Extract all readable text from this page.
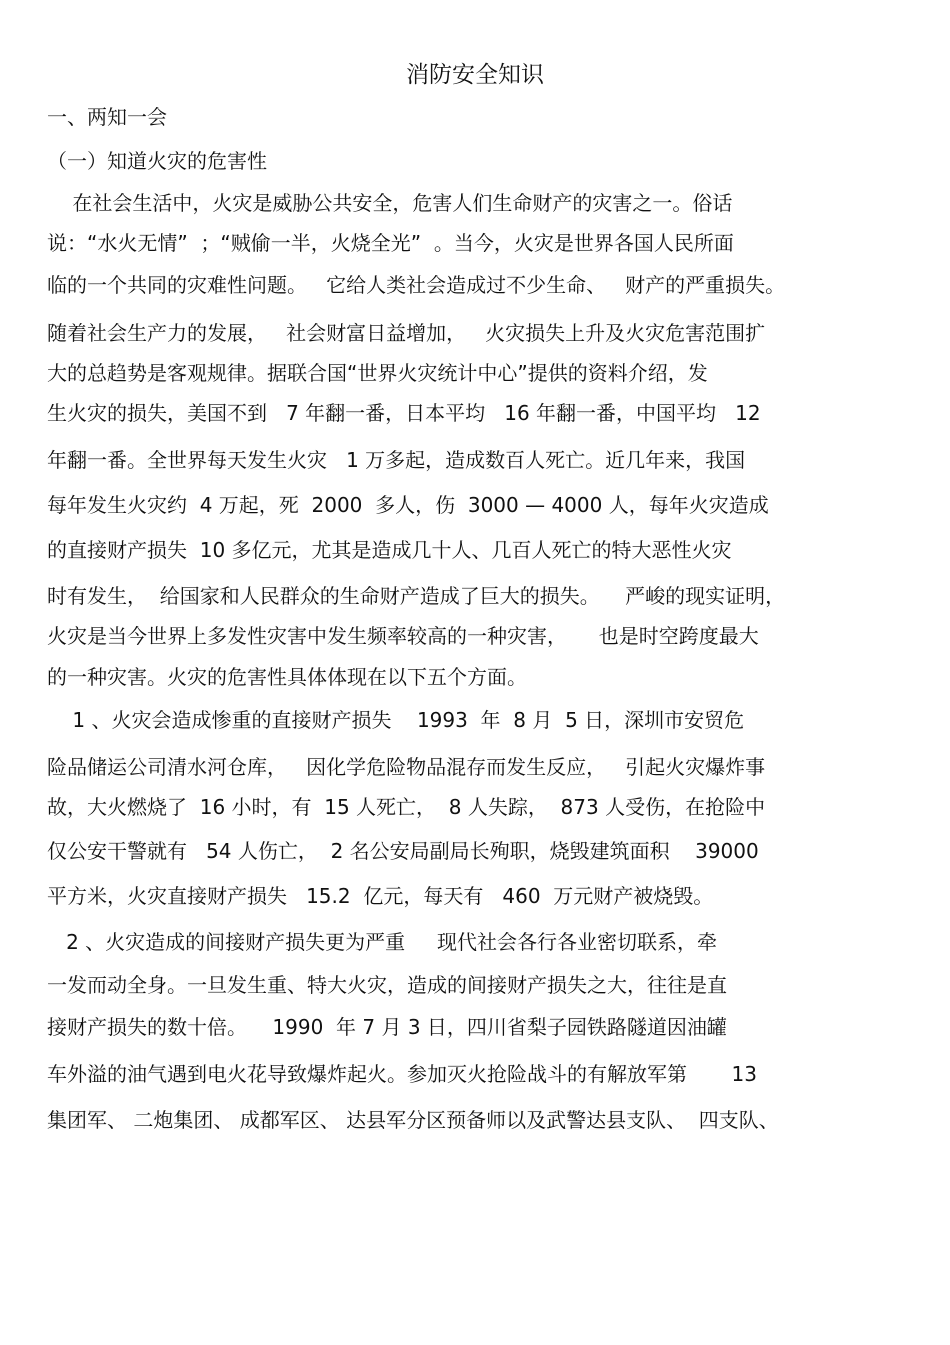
消防安全知识
一、两知一会
（一）知道火灾的危害性
在社会生活中，火灾是威胁公共安全，危害人们生命财产的灾害之一。俗话
说：“水火无情”  ；“贼偷一半，火烧全光”  。当今，火灾是世界各国人民所面
临的一个共同的灾难性问题。   它给人类社会造成过不少生命、   财产的严重损失。
随着社会生产力的发展，   社会财富日益增加，   火灾损失上升及火灾危害范围扩
大的总趋势是客观规律。据联合国“世界火灾统计中心”提供的资料介绍，发
生火灾的损失，美国不到   7 年翻一番，日本平均   16 年翻一番，中国平均   12
年翻一番。全世界每天发生火灾   1 万多起，造成数百人死亡。近几年来，我国
每年发生火灾约  4 万起，死  2000  多人，伤  3000 — 4000 人，每年火灾造成
的直接财产损失  10 多亿元，尤其是造成几十人、几百人死亡的特大恶性火灾
时有发生，  给国家和人民群众的生命财产造成了巨大的损失。    严峻的现实证明，
火灾是当今世界上多发性灾害中发生频率较高的一种灾害，     也是时空跨度最大
的一种灾害。火灾的危害性具体体现在以下五个方面。
1 、火灾会造成惨重的直接财产损失    1993  年  8 月  5 日，深圳市安贸危
险品储运公司清水河仓库，   因化学危险物品混存而发生反应，   引起火灾爆炸事
故，大火燃烧了  16 小时，有  15 人死亡，  8 人失踪，  873 人受伤，在抢险中
仅公安干警就有   54 人伤亡，  2 名公安局副局长殉职，烧毁建筑面积    39000
平方米，火灾直接财产损失   15.2  亿元，每天有   460  万元财产被烧毁。
2 、火灾造成的间接财产损失更为严重     现代社会各行各业密切联系，牵
一发而动全身。一旦发生重、特大火灾，造成的间接财产损失之大，往往是直
接财产损失的数十倍。    1990  年 7 月 3 日，四川省梨子园铁路隧道因油罐
车外溢的油气遇到电火花导致爆炸起火。参加灭火抢险战斗的有解放军第       13
集团军、 二炮集团、 成都军区、 达县军分区预备师以及武警达县支队、  四支队、
